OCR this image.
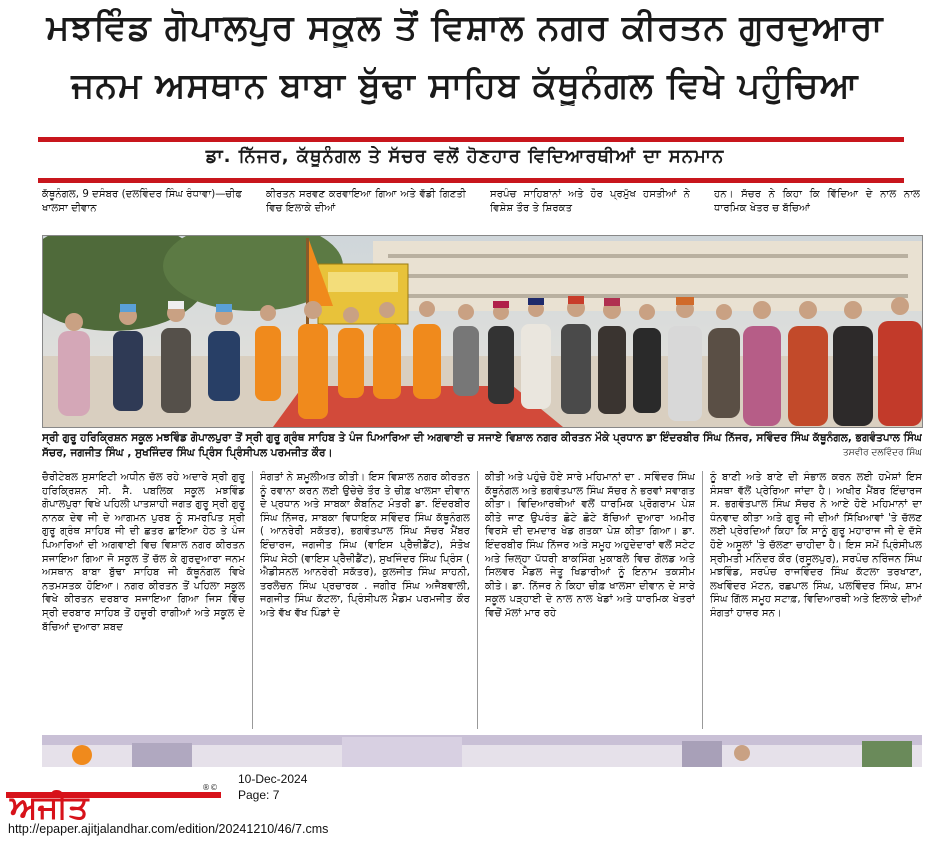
ਮਝਵਿੰਡ ਗੋਪਾਲਪੁਰ ਸਕੂਲ ਤੋਂ ਵਿਸ਼ਾਲ ਨਗਰ ਕੀਰਤਨ ਗੁਰਦੁਆਰਾ
ਜਨਮ ਅਸਥਾਨ ਬਾਬਾ ਬੁੱਢਾ ਸਾਹਿਬ ਕੱਥੂਨੰਗਲ ਵਿਖੇ ਪਹੁੰਚਿਆ
ਡਾ. ਨਿੱਜਰ, ਕੱਥੂਨੰਗਲ ਤੇ ਸੱਚਰ ਵਲੋਂ ਹੋਣਹਾਰ ਵਿਦਿਆਰਥੀਆਂ ਦਾ ਸਨਮਾਨ

ਕੱਥੂਨੰਗਲ, 9 ਦਸੰਬਰ (ਦਲਵਿੰਦਰ ਸਿੰਘ ਰੰਧਾਵਾ)—ਚੀਫ ਖਾਲਸਾ ਦੀਵਾਨ

ਕੀਰਤਨ ਸਰਵਣ ਕਰਵਾਇਆ ਗਿਆ ਅਤੇ ਵੱਡੀ ਗਿਣਤੀ ਵਿਚ ਇਲਾਕੇ ਦੀਆਂ

ਸਰਪੰਚ ਸਾਹਿਬਾਨਾਂ ਅਤੇ ਹੋਰ ਪ੍ਰਮੁੱਖ ਹਸਤੀਆਂ ਨੇ ਵਿਸ਼ੇਸ਼ ਤੌਰ ਤੇ ਸ਼ਿਰਕਤ

ਹਨ। ਸੱਚਰ ਨੇ ਕਿਹਾ ਕਿ ਵਿੱਦਿਆ ਦੇ ਨਾਲ ਨਾਲ ਧਾਰਮਿਕ ਖੇਤਰ ਚ ਬੱਚਿਆਂ

ਸ੍ਰੀ ਗੁਰੂ ਹਰਿਕ੍ਰਿਸ਼ਨ ਸਕੂਲ ਮਝਵਿੰਡ ਗੋਪਾਲਪੁਰਾ ਤੋਂ ਸ੍ਰੀ ਗੁਰੂ ਗ੍ਰੰਥ ਸਾਹਿਬ ਤੇ ਪੰਜ ਪਿਆਰਿਆ ਦੀ ਅਗਵਾਈ ਚ ਸਜਾਏ ਵਿਸ਼ਾਲ ਨਗਰ ਕੀਰਤਨ ਮੌਕੇ ਪ੍ਰਧਾਨ ਡਾ ਇੰਦਰਬੀਰ ਸਿੰਘ ਨਿੱਜਰ, ਸਵਿੰਦਰ ਸਿੰਘ ਕੱਥੂਨੰਗਲ, ਭਗਵੰਤਪਾਲ ਸਿੰਘ ਸੱਚਰ, ਜਗਜੀਤ ਸਿੰਘ , ਸੁਖਜਿੰਦਰ ਸਿੰਘ ਪ੍ਰਿੰਸ ਪ੍ਰਿੰਸੀਪਲ ਪਰਮਜੀਤ ਕੌਰ।	ਤਸਵੀਰ ਦਲਵਿੰਦਰ ਸਿੰਘ

ਚੈਰੀਟੇਬਲ ਸੁਸਾਇਟੀ ਅਧੀਨ ਚੱਲ ਰਹੇ ਅਦਾਰੇ ਸ੍ਰੀ ਗੁਰੂ ਹਰਿਕ੍ਰਿਸ਼ਨ ਸੀ. ਸੈ. ਪਬਲਿਕ ਸਕੂਲ ਮਝਵਿੰਡ ਗੋਪਾਲਪੁਰਾ ਵਿਖੇ ਪਹਿਲੀ ਪਾਤਸ਼ਾਹੀ ਜਗਤ ਗੁਰੂ ਸ੍ਰੀ ਗੁਰੂ ਨਾਨਕ ਦੇਵ ਜੀ ਦੇ ਆਗਮਨ ਪੁਰਬ ਨੂੰ ਸਮਰਪਿਤ ਸ੍ਰੀ ਗੁਰੂ ਗ੍ਰੰਥ ਸਾਹਿਬ ਜੀ ਦੀ ਛਤਰ ਛਾਇਆ ਹੇਠ ਤੇ ਪੰਜ ਪਿਆਰਿਆਂ ਦੀ ਅਗਵਾਈ ਵਿਚ ਵਿਸ਼ਾਲ ਨਗਰ ਕੀਰਤਨ ਸਜਾਇਆ ਗਿਆ ਜੋ ਸਕੂਲ ਤੋਂ ਚੱਲ ਕੇ ਗੁਰਦੁਆਰਾ ਜਨਮ ਅਸਥਾਨ ਬਾਬਾ ਬੁੱਢਾ ਸਾਹਿਬ ਜੀ ਕੱਥੂਨੰਗਲ ਵਿਖੇ ਨਤਮਸਤਕ ਹੋਇਆ। ਨਗਰ ਕੀਰਤਨ ਤੋਂ ਪਹਿਲਾ ਸਕੂਲ ਵਿਖੇ ਕੀਰਤਨ ਦਰਬਾਰ ਸਜਾਇਆ ਗਿਆ ਜਿਸ ਵਿੱਚ ਸ੍ਰੀ ਦਰਬਾਰ ਸਾਹਿਬ ਤੋਂ ਹਜ਼ੂਰੀ ਰਾਗੀਆਂ ਅਤੇ ਸਕੂਲ ਦੇ ਬੱਚਿਆਂ ਦੁਆਰਾ ਸ਼ਬਦ

ਸੰਗਤਾਂ ਨੇ ਸ਼ਮੂਲੀਅਤ ਕੀਤੀ। ਇਸ ਵਿਸ਼ਾਲ ਨਗਰ ਕੀਰਤਨ ਨੂੰ ਰਵਾਨਾ ਕਰਨ ਲਈ ਉਚੇਚੇ ਤੌਰ ਤੇ ਚੀਫ਼ ਖਾਲਸਾ ਦੀਵਾਨ ਦੇ ਪ੍ਰਧਾਨ ਅਤੇ ਸਾਬਕਾ ਕੈਬਨਿਟ ਮੰਤਰੀ ਡਾ. ਇੰਦਰਬੀਰ ਸਿੰਘ ਨਿੱਜਰ, ਸਾਬਕਾ ਵਿਧਾਇਕ ਸਵਿੰਦਰ ਸਿੰਘ ਕੱਥੂਨੰਗਲ ( ਆਨਰੇਰੀ ਸਕੱਤਰ), ਭਗਵੰਤਪਾਲ ਸਿੰਘ ਸੱਚਰ ਮੈਂਬਰ ਇੰਚਾਰਜ, ਜਗਜੀਤ ਸਿੰਘ (ਵਾਇਸ ਪ੍ਰੈਜ਼ੀਡੈਂਟ), ਸੰਤੋਖ ਸਿੰਘ ਸੇਠੀ (ਵਾਇਸ ਪ੍ਰੈਜ਼ੀਡੈਂਟ), ਸੁਖਜਿੰਦਰ ਸਿੰਘ ਪ੍ਰਿੰਸ ( ਐਡੀਸਨਲ ਆਨਰੇਰੀ ਸਕੱਤਰ), ਕੁਲਜੀਤ ਸਿੰਘ ਸਾਹਨੀ, ਤਰਲੋਚਨ ਸਿੰਘ ਪ੍ਰਚਾਰਕ . ਜਗੀਰ ਸਿੰਘ ਅਜੈਬਵਾਲੀ, ਜਗਜੀਤ ਸਿੰਘ ਕੱਟਲਾ, ਪ੍ਰਿੰਸੀਪਲ ਮੈਡਮ ਪਰਮਜੀਤ ਕੌਰ ਅਤੇ ਵੱਖ ਵੱਖ ਪਿੰਡਾਂ ਦੇ

ਕੀਤੀ ਅਤੇ ਪਹੁੰਚੇ ਹੋਏ ਸਾਰੇ ਮਹਿਮਾਨਾਂ ਦਾ . ਸਵਿੰਦਰ ਸਿੰਘ ਕੱਥੂਨੰਗਲ ਅਤੇ ਭਗਵੰਤਪਾਲ ਸਿੰਘ ਸੱਚਰ ਨੇ ਭਰਵਾਂ ਸਵਾਗਤ ਕੀਤਾ। ਵਿਦਿਆਰਥੀਆਂ ਵਲੋਂ ਧਾਰਮਿਕ ਪ੍ਰੋਗਰਾਮ ਪੇਸ਼ ਕੀਤੇ ਜਾਣ ਉਪਰੰਤ ਛੋਟੇ ਛੋਟੇ ਬੱਚਿਆਂ ਦੁਆਰਾ ਅਮੀਰ ਵਿਰਸੇ ਦੀ ਦਮਦਾਰ ਖੇਡ ਗਤਕਾ ਪੇਸ਼ ਕੀਤਾ ਗਿਆ। ਡਾ. ਇੰਦਰਬੀਰ ਸਿੰਘ ਨਿੱਜਰ ਅਤੇ ਸਮੂਹ ਅਹੁਦੇਦਾਰਾਂ ਵਲੋਂ ਸਟੇਟ ਅਤੇ ਜ਼ਿਲ੍ਹਾ ਪੱਧਰੀ ਬਾਕਸਿੰਗ ਮੁਕਾਬਲੇ ਵਿਚ ਗੋਲਡ ਅਤੇ ਸਿਲਵਰ ਮੈਡਲ ਜੇਤੂ ਖਿਡਾਰੀਆਂ ਨੂੰ ਇਨਾਮ ਤਕਸੀਮ ਕੀਤੇ। ਡਾ. ਨਿੱਜਰ ਨੇ ਕਿਹਾ ਚੀਫ਼ ਖਾਲਸਾ ਦੀਵਾਨ ਦੇ ਸਾਰੇ ਸਕੂਲ ਪੜ੍ਹਾਈ ਦੇ ਨਾਲ ਨਾਲ ਖੇਡਾਂ ਅਤੇ ਧਾਰਮਿਕ ਖੇਤਰਾਂ ਵਿਚੋਂ ਮੱਲਾਂ ਮਾਰ ਰਹੇ

ਨੂੰ ਬਾਣੀ ਅਤੇ ਬਾਣੇ ਦੀ ਸੰਭਾਲ ਕਰਨ ਲਈ ਹਮੇਸ਼ਾਂ ਇਸ ਸੰਸਥਾ ਵੱਲੋਂ ਪ੍ਰੇਰਿਆ ਜਾਂਦਾ ਹੈ। ਅਖੀਰ ਮੈਂਬਰ ਇੰਚਾਰਜ ਸ. ਭਗਵੰਤਪਾਲ ਸਿੰਘ ਸੱਚਰ ਨੇ ਆਏ ਹੋਏ ਮਹਿਮਾਨਾਂ ਦਾ ਧੰਨਵਾਦ ਕੀਤਾ ਅਤੇ ਗੁਰੂ ਜੀ ਦੀਆਂ ਸਿੱਖਿਆਵਾਂ 'ਤੇ ਚੱਲਣ ਲਈ ਪ੍ਰੇਰਦਿਆਂ ਕਿਹਾ ਕਿ ਸਾਨੂੰ ਗੁਰੂ ਮਹਾਰਾਜ ਜੀ ਦੇ ਦੱਸੇ ਹੋਏ ਅਸੂਲਾਂ 'ਤੇ ਚੱਲਣਾ ਚਾਹੀਦਾ ਹੈ। ਇਸ ਸਮੇਂ ਪ੍ਰਿੰਸੀਪਲ ਸ੍ਰੀਮਤੀ ਮਨਿੰਦਰ ਕੌਰ (ਰਸੂਲਪੁਰ), ਸਰਪੰਚ ਨਰਿੰਜਨ ਸਿੰਘ ਮਝਵਿੰਡ, ਸਰਪੰਚ ਰਾਜਵਿੰਦਰ ਸਿੰਘ ਕੱਟਲਾ ਤਰਖਾਣਾ, ਲਖਵਿੰਦਰ ਮੱਟਨ, ਰਛਪਾਲ ਸਿੰਘ, ਪਲਵਿੰਦਰ ਸਿੰਘ, ਸ਼ਾਮ ਸਿੰਘ ਗਿੱਲ ਸਮੂਹ ਸਟਾਫ਼, ਵਿਦਿਆਰਥੀ ਅਤੇ ਇਲਾਕੇ ਦੀਆਂ ਸੰਗਤਾਂ ਹਾਜ਼ਰ ਸਨ।

ਅਜੀਤ
®©
10-Dec-2024
Page: 7
http://epaper.ajitjalandhar.com/edition/20241210/46/7.cms
